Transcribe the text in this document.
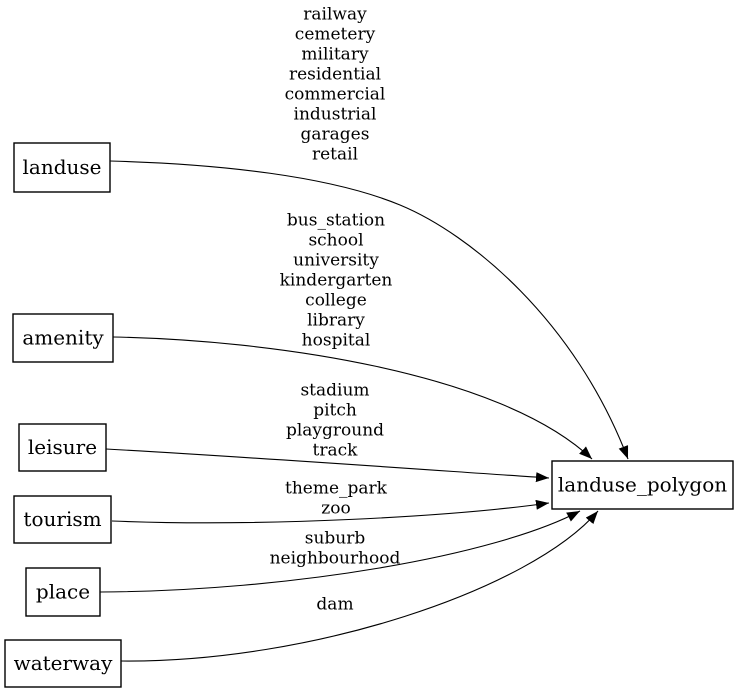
railway
cemetery
military
residential
commercial
industrial
garages
retail
bus_station
school
university
kindergarten
college
library
hospital
stadium
pitch
playground
track
theme_park
zoo
suburb
neighbourhood
dam
landuse
amenity
leisure
tourism
place
waterway
landuse_polygon
